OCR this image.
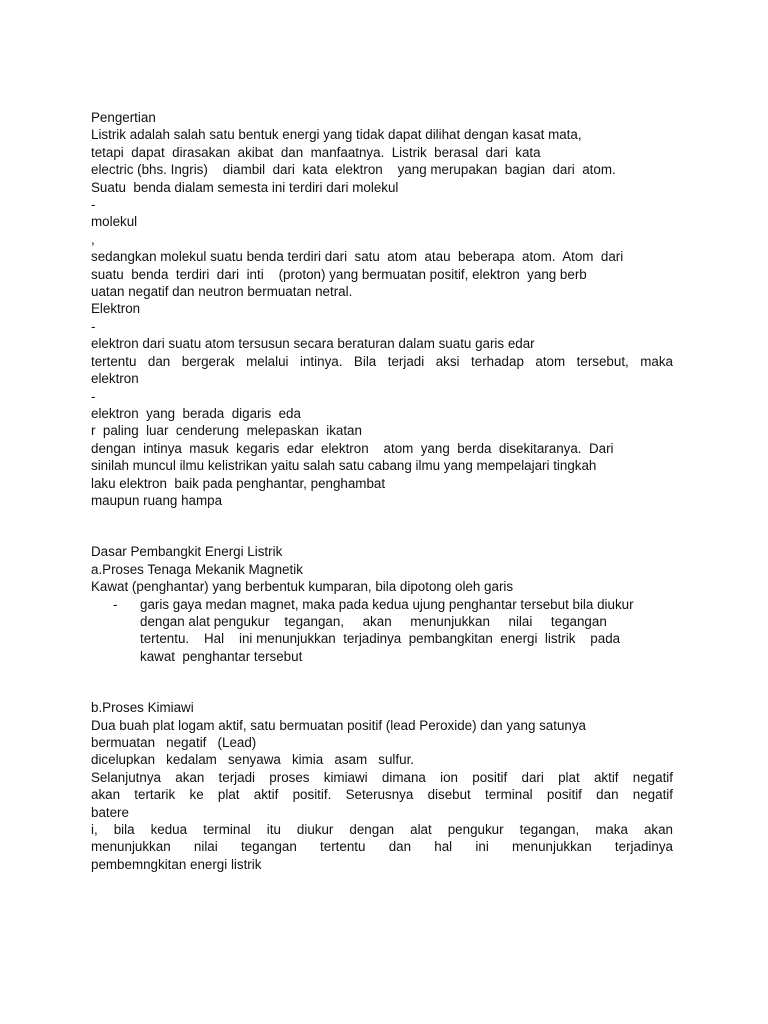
Pengertian
Listrik adalah salah satu bentuk energi yang tidak dapat dilihat dengan kasat mata,
tetapi  dapat  dirasakan  akibat  dan  manfaatnya.  Listrik  berasal  dari  kata
electric (bhs. Ingris)    diambil  dari  kata  elektron    yang merupakan  bagian  dari  atom.
Suatu  benda dialam semesta ini terdiri dari molekul
-
molekul
,
sedangkan molekul suatu benda terdiri dari  satu  atom  atau  beberapa  atom.  Atom  dari
suatu  benda  terdiri  dari  inti    (proton) yang bermuatan positif, elektron  yang berb
uatan negatif dan neutron bermuatan netral.
Elektron
-
elektron dari suatu atom tersusun secara beraturan dalam suatu garis edar
tertentu dan bergerak melalui intinya. Bila terjadi aksi terhadap atom tersebut, maka
elektron
-
elektron  yang  berada  digaris  eda
r  paling  luar  cenderung  melepaskan  ikatan
dengan  intinya  masuk  kegaris  edar  elektron    atom  yang  berda  disekitaranya.  Dari
sinilah muncul ilmu kelistrikan yaitu salah satu cabang ilmu yang mempelajari tingkah
laku elektron  baik pada penghantar, penghambat
maupun ruang hampa
Dasar Pembangkit Energi Listrik
a.Proses Tenaga Mekanik Magnetik
Kawat (penghantar) yang berbentuk kumparan, bila dipotong oleh garis
-	garis gaya medan magnet, maka pada kedua ujung penghantar tersebut bila diukur
dengan alat pengukur    tegangan,     akan     menunjukkan     nilai     tegangan
tertentu.    Hal    ini menunjukkan  terjadinya  pembangkitan  energi  listrik    pada
kawat  penghantar tersebut
b.Proses Kimiawi
Dua buah plat logam aktif, satu bermuatan positif (lead Peroxide) dan yang satunya
bermuatan   negatif   (Lead)
dicelupkan   kedalam   senyawa   kimia   asam   sulfur.
Selanjutnya akan terjadi proses kimiawi dimana ion positif dari plat aktif negatif
akan tertarik ke plat aktif positif. Seterusnya disebut terminal positif dan negatif
batere
i, bila kedua terminal itu diukur dengan alat pengukur tegangan, maka akan
menunjukkan nilai tegangan tertentu dan hal ini menunjukkan terjadinya
pembemngkitan energi listrik
